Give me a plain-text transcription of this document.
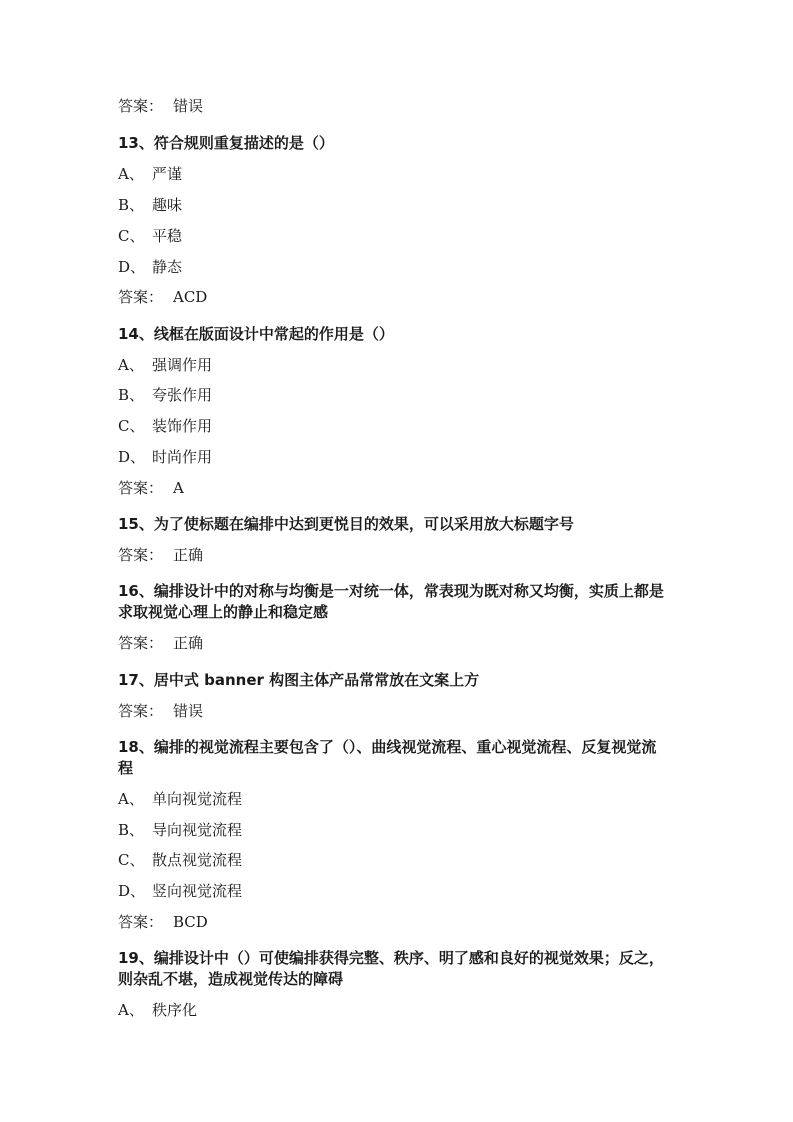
答案： 错误
13、符合规则重复描述的是（）
A、 严谨
B、 趣味
C、 平稳
D、 静态
答案： ACD
14、线框在版面设计中常起的作用是（）
A、 强调作用
B、 夸张作用
C、 装饰作用
D、 时尚作用
答案： A
15、为了使标题在编排中达到更悦目的效果，可以采用放大标题字号
答案： 正确
16、编排设计中的对称与均衡是一对统一体，常表现为既对称又均衡，实质上都是求取视觉心理上的静止和稳定感
答案： 正确
17、居中式 banner 构图主体产品常常放在文案上方
答案： 错误
18、编排的视觉流程主要包含了（）、曲线视觉流程、重心视觉流程、反复视觉流程
A、 单向视觉流程
B、 导向视觉流程
C、 散点视觉流程
D、 竖向视觉流程
答案： BCD
19、编排设计中（）可使编排获得完整、秩序、明了感和良好的视觉效果；反之，则杂乱不堪，造成视觉传达的障碍
A、 秩序化
